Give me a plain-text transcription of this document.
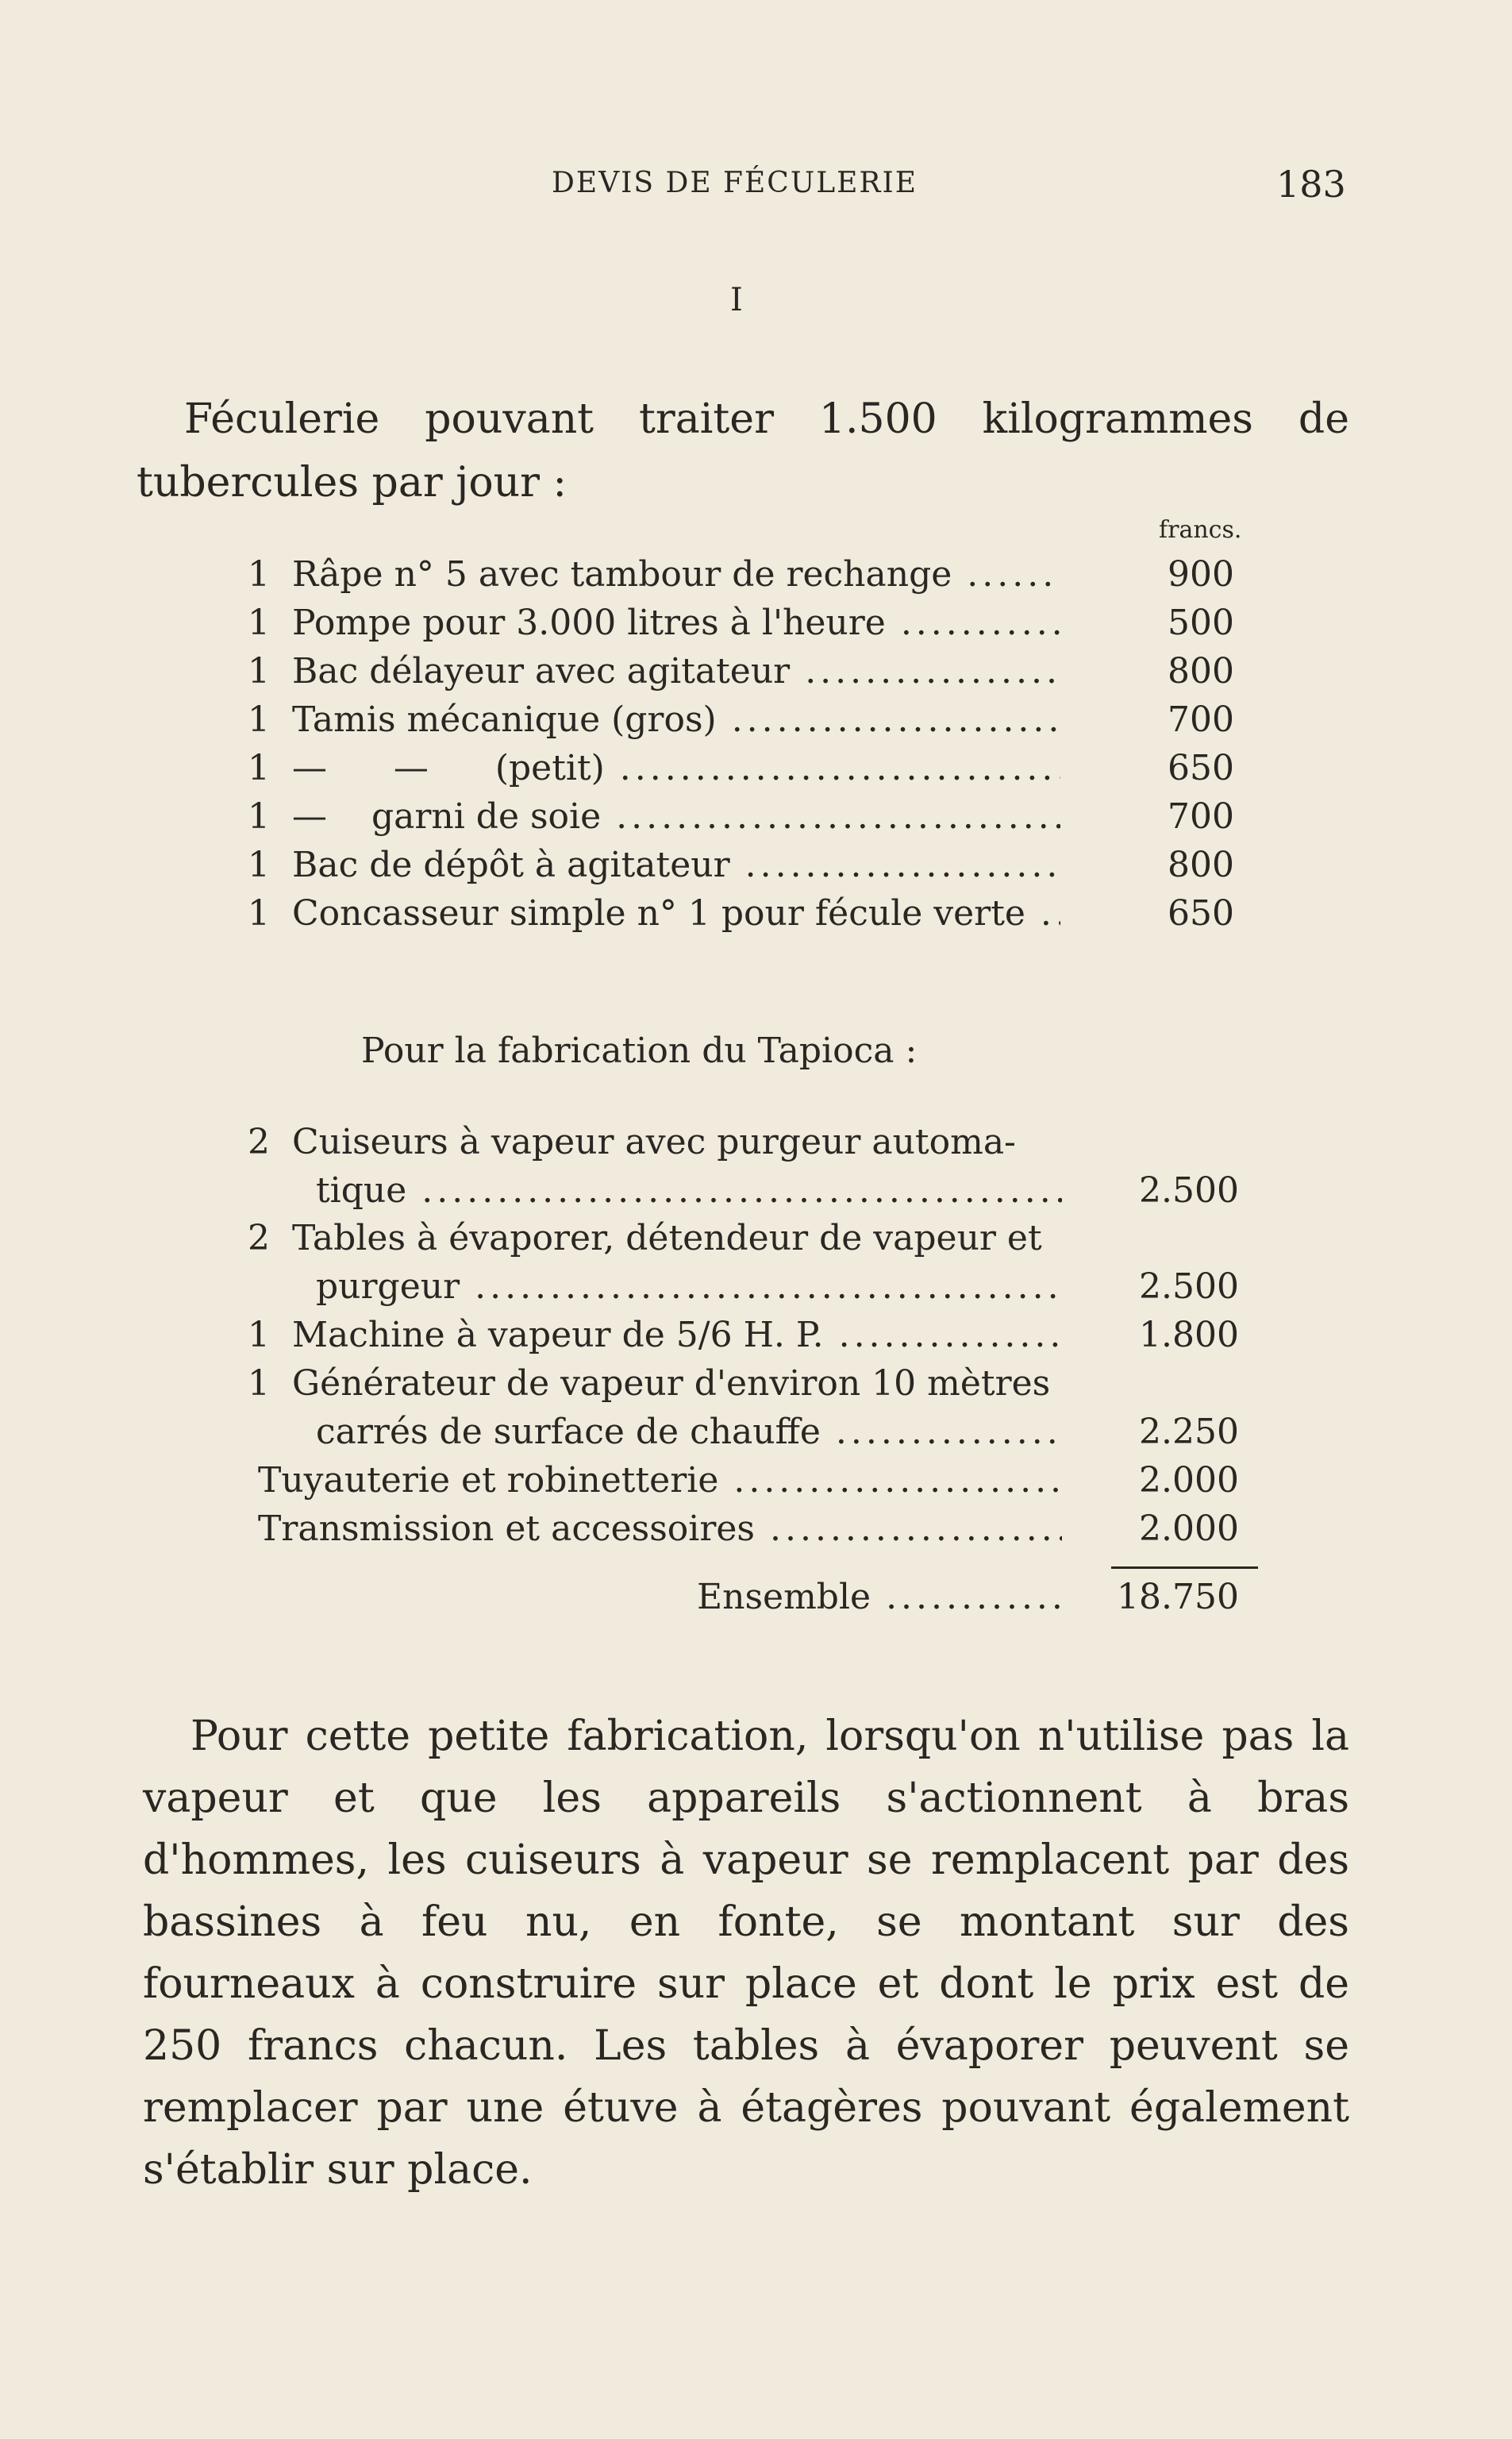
DEVIS DE FÉCULERIE	183
I
Féculerie pouvant traiter 1.500 kilogrammes de tubercules par jour :
francs.
1 Râpe n° 5 avec tambour de rechange .....	900
1 Pompe pour 3.000 litres à l'heure .....	500
1 Bac délayeur avec agitateur .....	800
1 Tamis mécanique (gros) .....	700
1 —      —      (petit) .....	650
1 —    garni de soie .....	700
1 Bac de dépôt à agitateur .....	800
1 Concasseur simple n° 1 pour fécule verte .....	650
Pour la fabrication du Tapioca :
2 Cuiseurs à vapeur avec purgeur automa-
tique .....	2.500
2 Tables à évaporer, détendeur de vapeur et
purgeur .....	2.500
1 Machine à vapeur de 5/6 H. P. .....	1.800
1 Générateur de vapeur d'environ 10 mètres
carrés de surface de chauffe .....	2.250
Tuyauterie et robinetterie .....	2.000
Transmission et accessoires .....	2.000
Ensemble .....	18.750
Pour cette petite fabrication, lorsqu'on n'utilise pas la vapeur et que les appareils s'actionnent à bras d'hommes, les cuiseurs à vapeur se remplacent par des bassines à feu nu, en fonte, se montant sur des fourneaux à construire sur place et dont le prix est de 250 francs chacun. Les tables à évaporer peuvent se remplacer par une étuve à étagères pouvant également s'établir sur place.
